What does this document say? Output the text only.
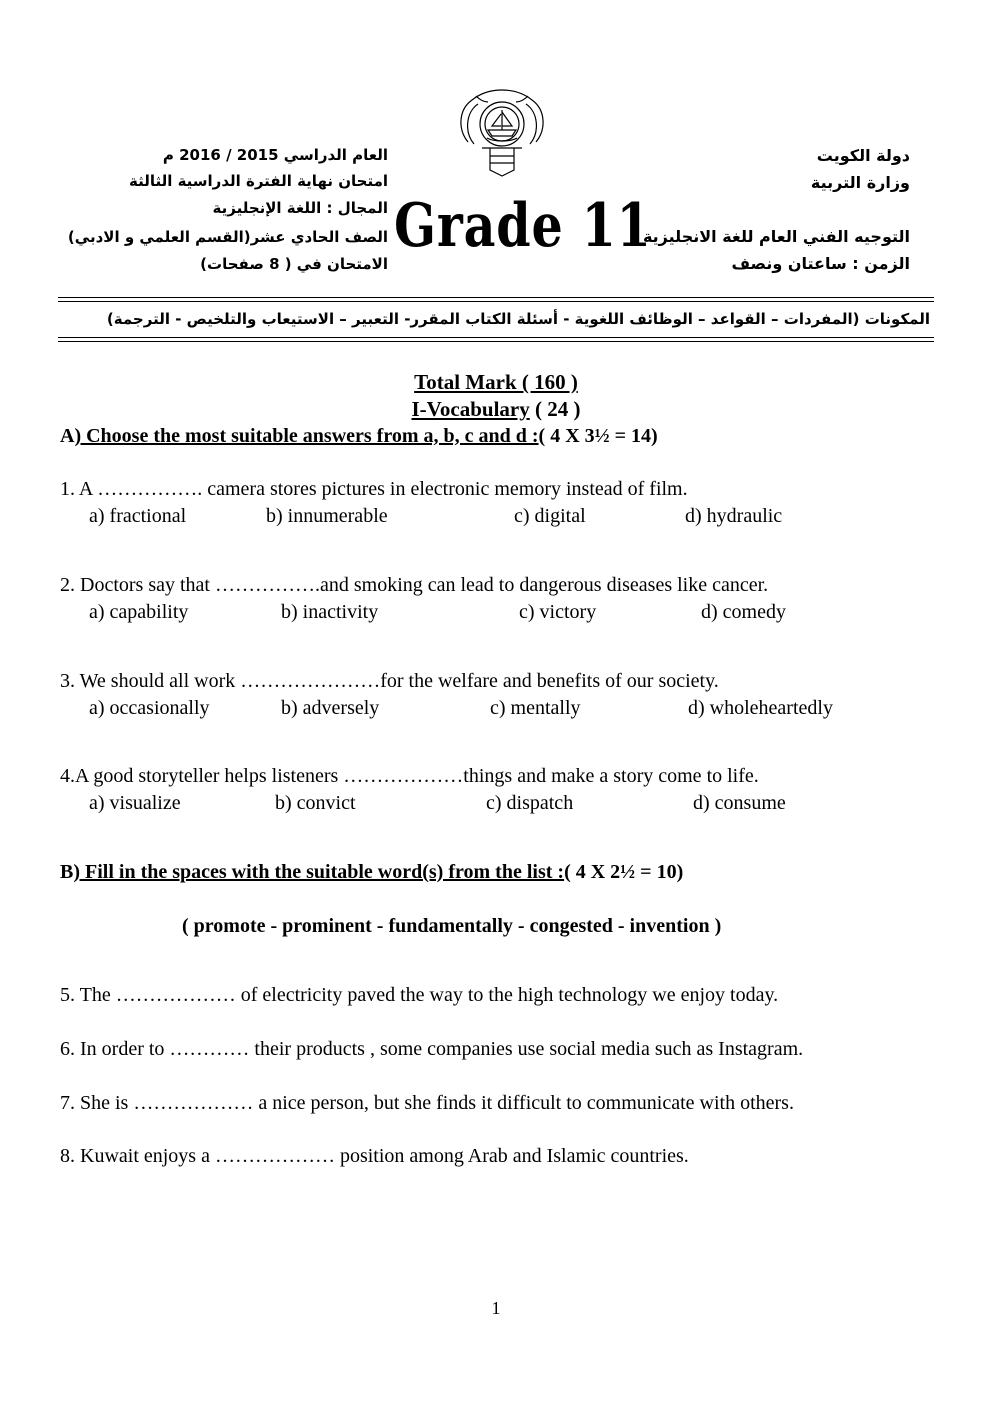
دولة الكويت
وزارة التربية
التوجيه الفني العام للغة الانجليزية
الزمن : ساعتان ونصف
العام الدراسي 2015 / 2016 م
امتحان نهاية الفترة الدراسية الثالثة
المجال : اللغة الإنجليزية
الصف الحادي عشر(القسم العلمي و الادبي)
الامتحان في ( 8 صفحات)
Grade 11
المكونات (المفردات – القواعد – الوظائف اللغوية - أسئلة الكتاب المقرر- التعبير – الاستيعاب والتلخيص - الترجمة)
Total Mark ( 160 )
I-Vocabulary ( 24 )
A) Choose the most suitable answers from a, b, c and d :( 4 X 3½ = 14)
1. A ……………. camera stores pictures in electronic memory instead of film.
a) fractional	b) innumerable	c) digital	d) hydraulic
2. Doctors say that …………….and smoking can lead to dangerous diseases like cancer.
a) capability	b) inactivity	c) victory	d) comedy
3. We should all work …………………for the welfare and benefits of our society.
a) occasionally	b) adversely	c) mentally	d) wholeheartedly
4.A good storyteller helps listeners ………………things and make a story come to life.
a) visualize	b) convict	c) dispatch	d) consume
B) Fill in the spaces with the suitable word(s) from the list :( 4 X 2½ = 10)
( promote - prominent - fundamentally - congested - invention )
5. The ……………… of electricity paved the way to the high technology we enjoy today.
6. In order to ………… their products , some companies use social media such as Instagram.
7. She is ……………… a nice person, but she finds it difficult to communicate with others.
8. Kuwait enjoys a ……………… position among Arab and Islamic countries.
1
